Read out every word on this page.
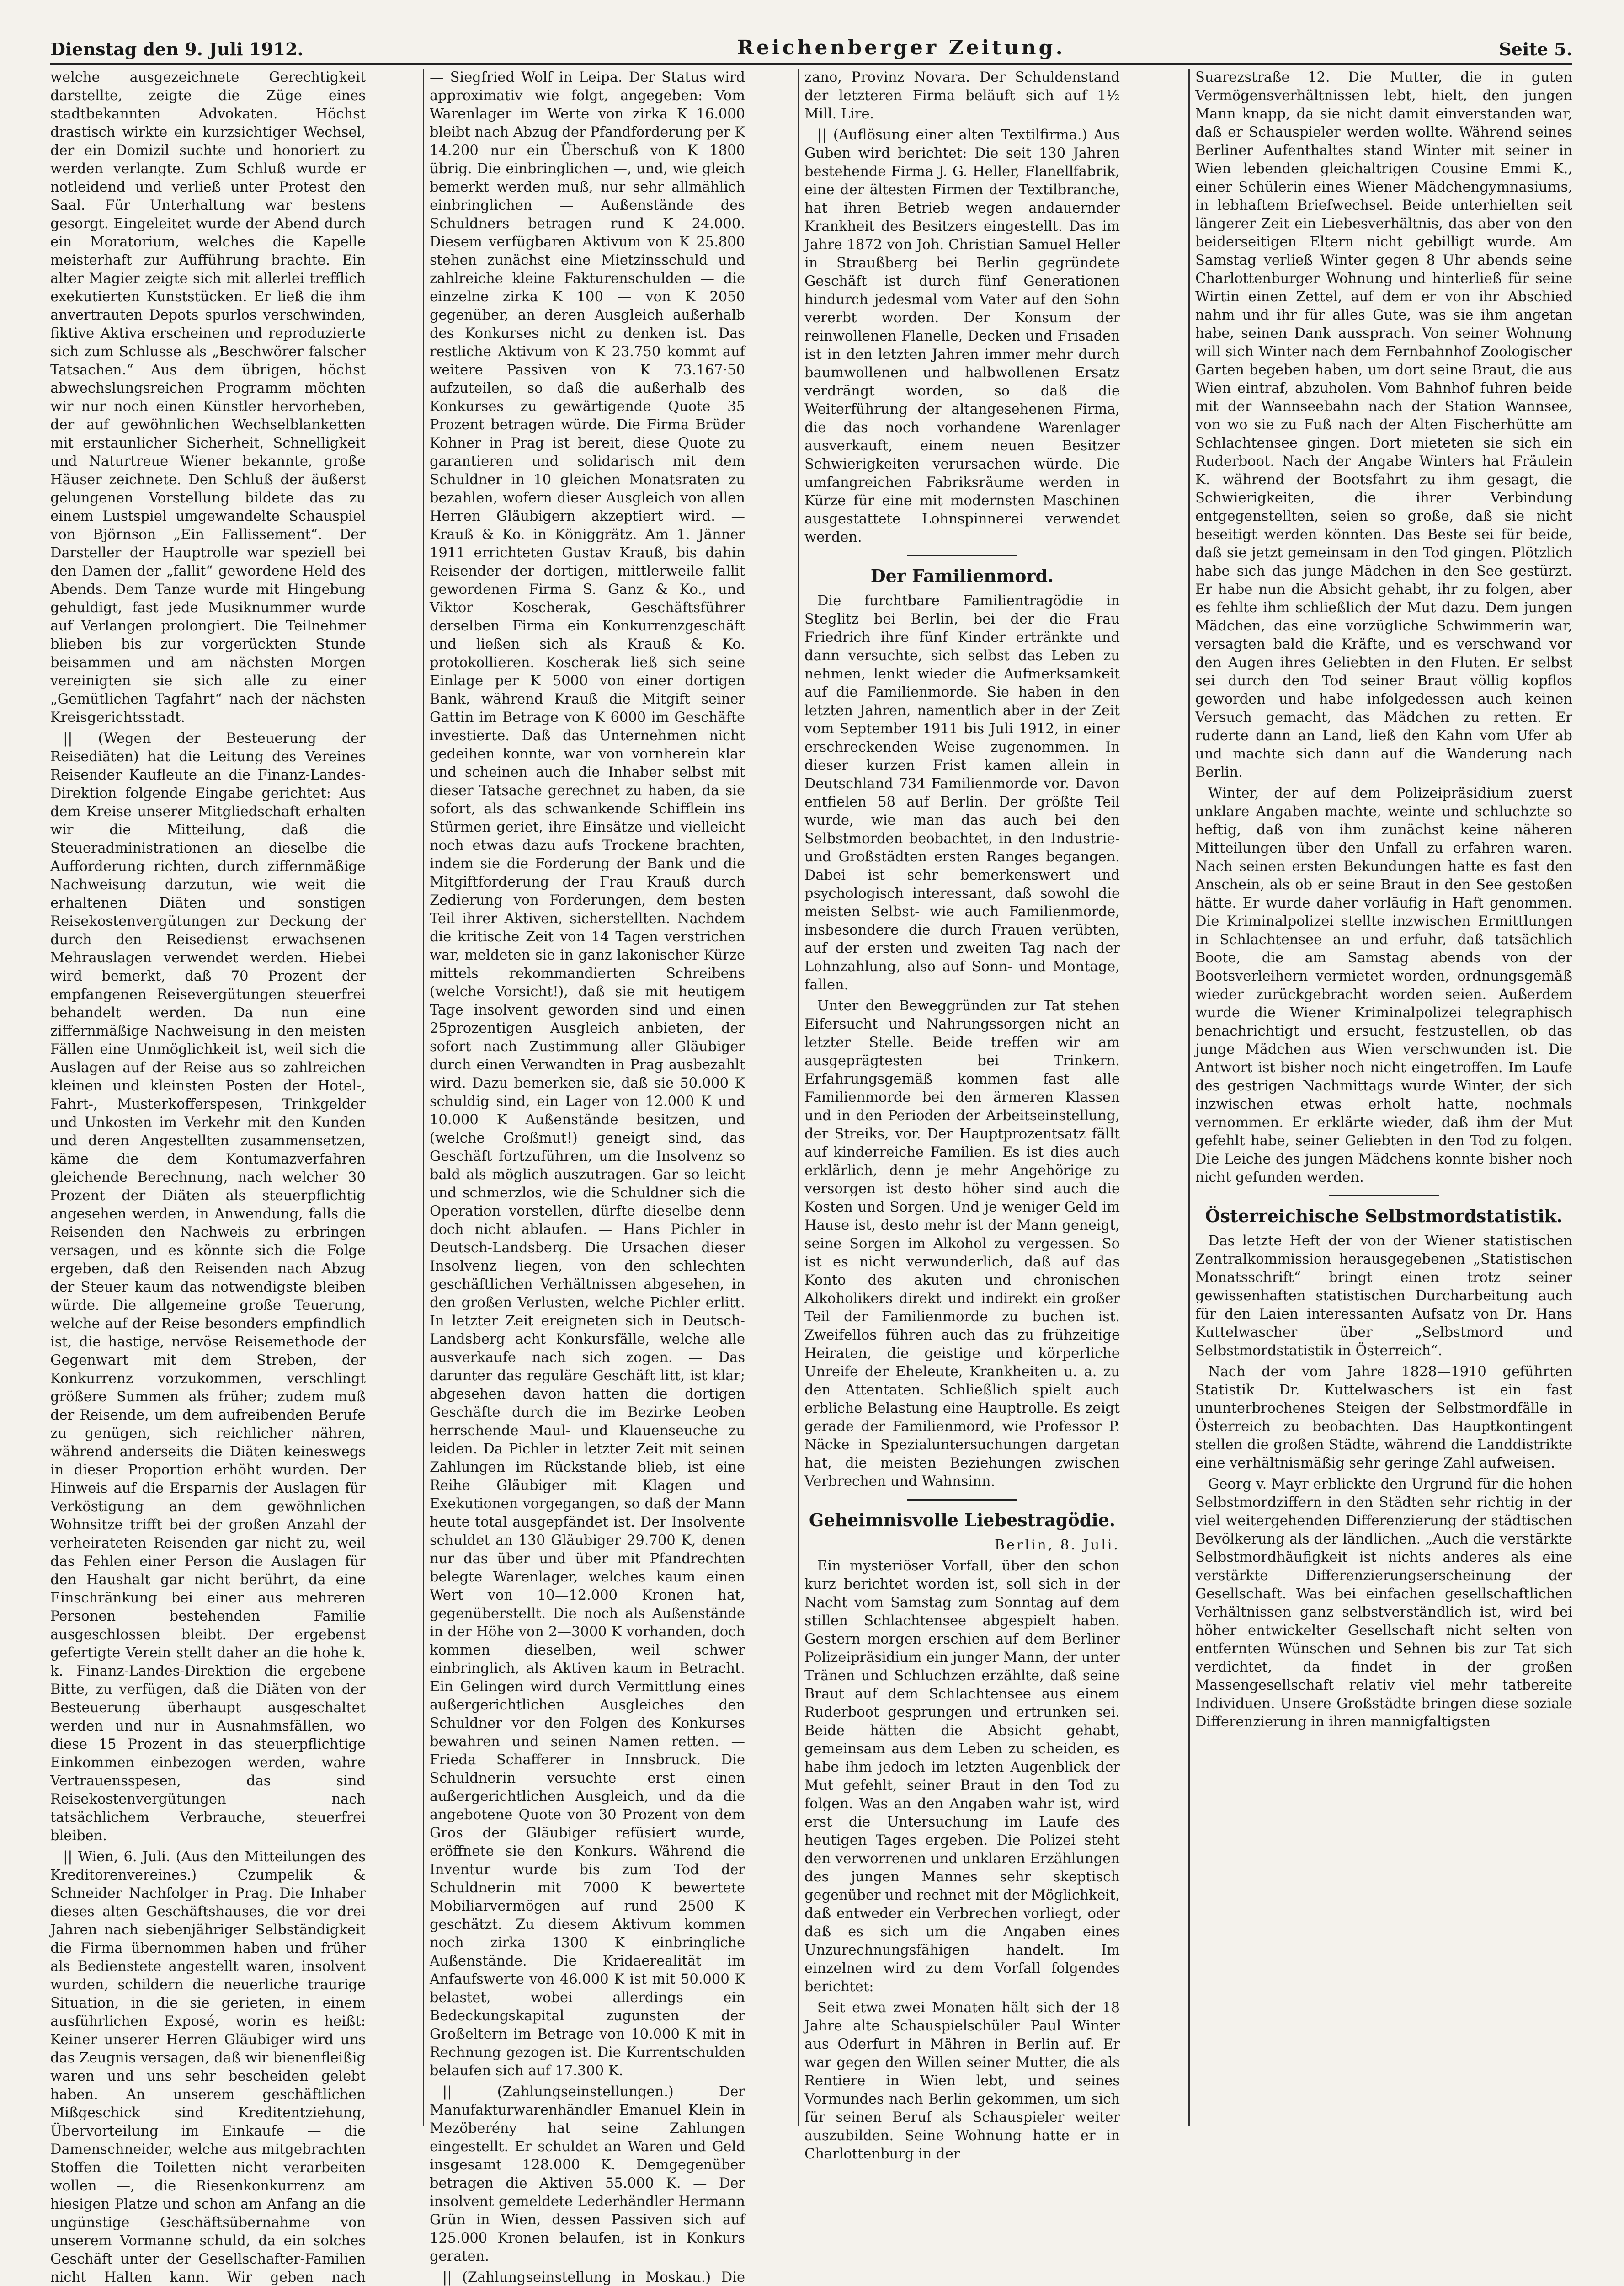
Dienstag den 9. Juli 1912.	Reichenberger Zeitung.	Seite 5.

welche ausgezeichnete Gerechtigkeit darstellte, zeigte die Züge eines stadtbekannten Advokaten. Höchst drastisch wirkte ein kurzsichtiger Wechsel, der ein Domizil suchte und honoriert zu werden verlangte. Zum Schluß wurde er notleidend und verließ unter Protest den Saal. Für Unterhaltung war bestens gesorgt. Eingeleitet wurde der Abend durch ein Moratorium, welches die Kapelle meisterhaft zur Aufführung brachte. Ein alter Magier zeigte sich mit allerlei trefflich exekutierten Kunststücken. Er ließ die ihm anvertrauten Depots spurlos verschwinden, fiktive Aktiva erscheinen und reproduzierte sich zum Schlusse als „Beschwörer falscher Tatsachen.“ Aus dem übrigen, höchst abwechslungsreichen Programm möchten wir nur noch einen Künstler hervorheben, der auf gewöhnlichen Wechselblanketten mit erstaunlicher Sicherheit, Schnelligkeit und Naturtreue Wiener bekannte, große Häuser zeichnete. Den Schluß der äußerst gelungenen Vorstellung bildete das zu einem Lustspiel umgewandelte Schauspiel von Björnson „Ein Fallissement“. Der Darsteller der Hauptrolle war speziell bei den Damen der „fallit“ gewordene Held des Abends. Dem Tanze wurde mit Hingebung gehuldigt, fast jede Musiknummer wurde auf Verlangen prolongiert. Die Teilnehmer blieben bis zur vorgerückten Stunde beisammen und am nächsten Morgen vereinigten sie sich alle zu einer „Gemütlichen Tagfahrt“ nach der nächsten Kreisgerichtsstadt.

|| (Wegen der Besteuerung der Reisediäten) hat die Leitung des Vereines Reisender Kaufleute an die Finanz-Landes-Direktion folgende Eingabe gerichtet: Aus dem Kreise unserer Mitgliedschaft erhalten wir die Mitteilung, daß die Steueradministrationen an dieselbe die Aufforderung richten, durch ziffernmäßige Nachweisung darzutun, wie weit die erhaltenen Diäten und sonstigen Reisekostenvergütungen zur Deckung der durch den Reisedienst erwachsenen Mehrauslagen verwendet werden. Hiebei wird bemerkt, daß 70 Prozent der empfangenen Reisevergütungen steuerfrei behandelt werden. Da nun eine ziffernmäßige Nachweisung in den meisten Fällen eine Unmöglichkeit ist, weil sich die Auslagen auf der Reise aus so zahlreichen kleinen und kleinsten Posten der Hotel-, Fahrt-, Musterkofferspesen, Trinkgelder und Unkosten im Verkehr mit den Kunden und deren Angestellten zusammensetzen, käme die dem Kontumazverfahren gleichende Berechnung, nach welcher 30 Prozent der Diäten als steuerpflichtig angesehen werden, in Anwendung, falls die Reisenden den Nachweis zu erbringen versagen, und es könnte sich die Folge ergeben, daß den Reisenden nach Abzug der Steuer kaum das notwendigste bleiben würde. Die allgemeine große Teuerung, welche auf der Reise besonders empfindlich ist, die hastige, nervöse Reisemethode der Gegenwart mit dem Streben, der Konkurrenz vorzukommen, verschlingt größere Summen als früher; zudem muß der Reisende, um dem aufreibenden Berufe zu genügen, sich reichlicher nähren, während anderseits die Diäten keineswegs in dieser Proportion erhöht wurden. Der Hinweis auf die Ersparnis der Auslagen für Verköstigung an dem gewöhnlichen Wohnsitze trifft bei der großen Anzahl der verheirateten Reisenden gar nicht zu, weil das Fehlen einer Person die Auslagen für den Haushalt gar nicht berührt, da eine Einschränkung bei einer aus mehreren Personen bestehenden Familie ausgeschlossen bleibt. Der ergebenst gefertigte Verein stellt daher an die hohe k. k. Finanz-Landes-Direktion die ergebene Bitte, zu verfügen, daß die Diäten von der Besteuerung überhaupt ausgeschaltet werden und nur in Ausnahmsfällen, wo diese 15 Prozent in das steuerpflichtige Einkommen einbezogen werden, wahre Vertrauensspesen, das sind Reisekostenvergütungen nach tatsächlichem Verbrauche, steuerfrei bleiben.

|| Wien, 6. Juli. (Aus den Mitteilungen des Kreditorenvereines.) Czumpelik & Schneider Nachfolger in Prag. Die Inhaber dieses alten Geschäftshauses, die vor drei Jahren nach siebenjähriger Selbständigkeit die Firma übernommen haben und früher als Bedienstete angestellt waren, insolvent wurden, schildern die neuerliche traurige Situation, in die sie gerieten, in einem ausführlichen Exposé, worin es heißt: Keiner unserer Herren Gläubiger wird uns das Zeugnis versagen, daß wir bienenfleißig waren und uns sehr bescheiden gelebt haben. An unserem geschäftlichen Mißgeschick sind Kreditentziehung, Übervorteilung im Einkaufe — die Damenschneider, welche aus mitgebrachten Stoffen die Toiletten nicht verarbeiten wollen —, die Riesenkonkurrenz am hiesigen Platze und schon am Anfang an die ungünstige Geschäftsübernahme von unserem Vormanne schuld, da ein solches Geschäft unter der Gesellschafter-Familien nicht Halten kann. Wir geben nach

— Siegfried Wolf in Leipa. Der Status wird approximativ wie folgt, angegeben: Vom Warenlager im Werte von zirka K 16.000 bleibt nach Abzug der Pfandforderung per K 14.200 nur ein Überschuß von K 1800 übrig. Die einbringlichen —, und, wie gleich bemerkt werden muß, nur sehr allmählich einbringlichen — Außenstände des Schuldners betragen rund K 24.000. Diesem verfügbaren Aktivum von K 25.800 stehen zunächst eine Mietzinsschuld und zahlreiche kleine Fakturenschulden — die einzelne zirka K 100 — von K 2050 gegenüber, an deren Ausgleich außerhalb des Konkurses nicht zu denken ist. Das restliche Aktivum von K 23.750 kommt auf weitere Passiven von K 73.167·50 aufzuteilen, so daß die außerhalb des Konkurses zu gewärtigende Quote 35 Prozent betragen würde. Die Firma Brüder Kohner in Prag ist bereit, diese Quote zu garantieren und solidarisch mit dem Schuldner in 10 gleichen Monatsraten zu bezahlen, wofern dieser Ausgleich von allen Herren Gläubigern akzeptiert wird. — Krauß & Ko. in Königgrätz. Am 1. Jänner 1911 errichteten Gustav Krauß, bis dahin Reisender der dortigen, mittlerweile fallit gewordenen Firma S. Ganz & Ko., und Viktor Koscherak, Geschäftsführer derselben Firma ein Konkurrenzgeschäft und ließen sich als Krauß & Ko. protokollieren. Koscherak ließ sich seine Einlage per K 5000 von einer dortigen Bank, während Krauß die Mitgift seiner Gattin im Betrage von K 6000 im Geschäfte investierte. Daß das Unternehmen nicht gedeihen konnte, war von vornherein klar und scheinen auch die Inhaber selbst mit dieser Tatsache gerechnet zu haben, da sie sofort, als das schwankende Schifflein ins Stürmen geriet, ihre Einsätze und vielleicht noch etwas dazu aufs Trockene brachten, indem sie die Forderung der Bank und die Mitgiftforderung der Frau Krauß durch Zedierung von Forderungen, dem besten Teil ihrer Aktiven, sicherstellten. Nachdem die kritische Zeit von 14 Tagen verstrichen war, meldeten sie in ganz lakonischer Kürze mittels rekommandierten Schreibens (welche Vorsicht!), daß sie mit heutigem Tage insolvent geworden sind und einen 25prozentigen Ausgleich anbieten, der sofort nach Zustimmung aller Gläubiger durch einen Verwandten in Prag ausbezahlt wird. Dazu bemerken sie, daß sie 50.000 K schuldig sind, ein Lager von 12.000 K und 10.000 K Außenstände besitzen, und (welche Großmut!) geneigt sind, das Geschäft fortzuführen, um die Insolvenz so bald als möglich auszutragen. Gar so leicht und schmerzlos, wie die Schuldner sich die Operation vorstellen, dürfte dieselbe denn doch nicht ablaufen. — Hans Pichler in Deutsch-Landsberg. Die Ursachen dieser Insolvenz liegen, von den schlechten geschäftlichen Verhältnissen abgesehen, in den großen Verlusten, welche Pichler erlitt. In letzter Zeit ereigneten sich in Deutsch-Landsberg acht Konkursfälle, welche alle ausverkaufe nach sich zogen. — Das darunter das reguläre Geschäft litt, ist klar; abgesehen davon hatten die dortigen Geschäfte durch die im Bezirke Leoben herrschende Maul- und Klauenseuche zu leiden. Da Pichler in letzter Zeit mit seinen Zahlungen im Rückstande blieb, ist eine Reihe Gläubiger mit Klagen und Exekutionen vorgegangen, so daß der Mann heute total ausgepfändet ist. Der Insolvente schuldet an 130 Gläubiger 29.700 K, denen nur das über und über mit Pfandrechten belegte Warenlager, welches kaum einen Wert von 10—12.000 Kronen hat, gegenüberstellt. Die noch als Außenstände in der Höhe von 2—3000 K vorhanden, doch kommen dieselben, weil schwer einbringlich, als Aktiven kaum in Betracht. Ein Gelingen wird durch Vermittlung eines außergerichtlichen Ausgleiches den Schuldner vor den Folgen des Konkurses bewahren und seinen Namen retten. — Frieda Schafferer in Innsbruck. Die Schuldnerin versuchte erst einen außergerichtlichen Ausgleich, und da die angebotene Quote von 30 Prozent von dem Gros der Gläubiger refüsiert wurde, eröffnete sie den Konkurs. Während die Inventur wurde bis zum Tod der Schuldnerin mit 7000 K bewertete Mobiliarvermögen auf rund 2500 K geschätzt. Zu diesem Aktivum kommen noch zirka 1300 K einbringliche Außenstände. Die Kridaerealität im Anfaufswerte von 46.000 K ist mit 50.000 K belastet, wobei allerdings ein Bedeckungskapital zugunsten der Großeltern im Betrage von 10.000 K mit in Rechnung gezogen ist. Die Kurrentschulden belaufen sich auf 17.300 K.

|| (Zahlungseinstellungen.) Der Manufakturwarenhändler Emanuel Klein in Mezöberény hat seine Zahlungen eingestellt. Er schuldet an Waren und Geld insgesamt 128.000 K. Demgegenüber betragen die Aktiven 55.000 K. — Der insolvent gemeldete Lederhändler Hermann Grün in Wien, dessen Passiven sich auf 125.000 Kronen belaufen, ist in Konkurs geraten.

|| (Zahlungseinstellung in Moskau.) Die

zano, Provinz Novara. Der Schuldenstand der letzteren Firma beläuft sich auf 1½ Mill. Lire.

|| (Auflösung einer alten Textilfirma.) Aus Guben wird berichtet: Die seit 130 Jahren bestehende Firma J. G. Heller, Flanellfabrik, eine der ältesten Firmen der Textilbranche, hat ihren Betrieb wegen andauernder Krankheit des Besitzers eingestellt. Das im Jahre 1872 von Joh. Christian Samuel Heller in Straußberg bei Berlin gegründete Geschäft ist durch fünf Generationen hindurch jedesmal vom Vater auf den Sohn vererbt worden. Der Konsum der reinwollenen Flanelle, Decken und Frisaden ist in den letzten Jahren immer mehr durch baumwollenen und halbwollenen Ersatz verdrängt worden, so daß die Weiterführung der altangesehenen Firma, die das noch vorhandene Warenlager ausverkauft, einem neuen Besitzer Schwierigkeiten verursachen würde. Die umfangreichen Fabriksräume werden in Kürze für eine mit modernsten Maschinen ausgestattete Lohnspinnerei verwendet werden.

Der Familienmord.

Die furchtbare Familientragödie in Steglitz bei Berlin, bei der die Frau Friedrich ihre fünf Kinder ertränkte und dann versuchte, sich selbst das Leben zu nehmen, lenkt wieder die Aufmerksamkeit auf die Familienmorde. Sie haben in den letzten Jahren, namentlich aber in der Zeit vom September 1911 bis Juli 1912, in einer erschreckenden Weise zugenommen. In dieser kurzen Frist kamen allein in Deutschland 734 Familienmorde vor. Davon entfielen 58 auf Berlin. Der größte Teil wurde, wie man das auch bei den Selbstmorden beobachtet, in den Industrie- und Großstädten ersten Ranges begangen. Dabei ist sehr bemerkenswert und psychologisch interessant, daß sowohl die meisten Selbst- wie auch Familienmorde, insbesondere die durch Frauen verübten, auf der ersten und zweiten Tag nach der Lohnzahlung, also auf Sonn- und Montage, fallen.

Unter den Beweggründen zur Tat stehen Eifersucht und Nahrungssorgen nicht an letzter Stelle. Beide treffen wir am ausgeprägtesten bei Trinkern. Erfahrungsgemäß kommen fast alle Familienmorde bei den ärmeren Klassen und in den Perioden der Arbeitseinstellung, der Streiks, vor. Der Hauptprozentsatz fällt auf kinderreiche Familien. Es ist dies auch erklärlich, denn je mehr Angehörige zu versorgen ist desto höher sind auch die Kosten und Sorgen. Und je weniger Geld im Hause ist, desto mehr ist der Mann geneigt, seine Sorgen im Alkohol zu vergessen. So ist es nicht verwunderlich, daß auf das Konto des akuten und chronischen Alkoholikers direkt und indirekt ein großer Teil der Familienmorde zu buchen ist. Zweifellos führen auch das zu frühzeitige Heiraten, die geistige und körperliche Unreife der Eheleute, Krankheiten u. a. zu den Attentaten. Schließlich spielt auch erbliche Belastung eine Hauptrolle. Es zeigt gerade der Familienmord, wie Professor P. Näcke in Spezialuntersuchungen dargetan hat, die meisten Beziehungen zwischen Verbrechen und Wahnsinn.

Geheimnisvolle Liebestragödie.
Berlin, 8. Juli.

Ein mysteriöser Vorfall, über den schon kurz berichtet worden ist, soll sich in der Nacht vom Samstag zum Sonntag auf dem stillen Schlachtensee abgespielt haben. Gestern morgen erschien auf dem Berliner Polizeipräsidium ein junger Mann, der unter Tränen und Schluchzen erzählte, daß seine Braut auf dem Schlachtensee aus einem Ruderboot gesprungen und ertrunken sei. Beide hätten die Absicht gehabt, gemeinsam aus dem Leben zu scheiden, es habe ihm jedoch im letzten Augenblick der Mut gefehlt, seiner Braut in den Tod zu folgen. Was an den Angaben wahr ist, wird erst die Untersuchung im Laufe des heutigen Tages ergeben. Die Polizei steht den verworrenen und unklaren Erzählungen des jungen Mannes sehr skeptisch gegenüber und rechnet mit der Möglichkeit, daß entweder ein Verbrechen vorliegt, oder daß es sich um die Angaben eines Unzurechnungsfähigen handelt. Im einzelnen wird zu dem Vorfall folgendes berichtet:

Seit etwa zwei Monaten hält sich der 18 Jahre alte Schauspielschüler Paul Winter aus Oderfurt in Mähren in Berlin auf. Er war gegen den Willen seiner Mutter, die als Rentiere in Wien lebt, und seines Vormundes nach Berlin gekommen, um sich für seinen Beruf als Schauspieler weiter auszubilden. Seine Wohnung hatte er in Charlottenburg in der

Suarezstraße 12. Die Mutter, die in guten Vermögensverhältnissen lebt, hielt, den jungen Mann knapp, da sie nicht damit einverstanden war, daß er Schauspieler werden wollte. Während seines Berliner Aufenthaltes stand Winter mit seiner in Wien lebenden gleichaltrigen Cousine Emmi K., einer Schülerin eines Wiener Mädchengymnasiums, in lebhaftem Briefwechsel. Beide unterhielten seit längerer Zeit ein Liebesverhältnis, das aber von den beiderseitigen Eltern nicht gebilligt wurde. Am Samstag verließ Winter gegen 8 Uhr abends seine Charlottenburger Wohnung und hinterließ für seine Wirtin einen Zettel, auf dem er von ihr Abschied nahm und ihr für alles Gute, was sie ihm angetan habe, seinen Dank aussprach. Von seiner Wohnung will sich Winter nach dem Fernbahnhof Zoologischer Garten begeben haben, um dort seine Braut, die aus Wien eintraf, abzuholen. Vom Bahnhof fuhren beide mit der Wannseebahn nach der Station Wannsee, von wo sie zu Fuß nach der Alten Fischerhütte am Schlachtensee gingen. Dort mieteten sie sich ein Ruderboot. Nach der Angabe Winters hat Fräulein K. während der Bootsfahrt zu ihm gesagt, die Schwierigkeiten, die ihrer Verbindung entgegenstellten, seien so große, daß sie nicht beseitigt werden könnten. Das Beste sei für beide, daß sie jetzt gemeinsam in den Tod gingen. Plötzlich habe sich das junge Mädchen in den See gestürzt. Er habe nun die Absicht gehabt, ihr zu folgen, aber es fehlte ihm schließlich der Mut dazu. Dem jungen Mädchen, das eine vorzügliche Schwimmerin war, versagten bald die Kräfte, und es verschwand vor den Augen ihres Geliebten in den Fluten. Er selbst sei durch den Tod seiner Braut völlig kopflos geworden und habe infolgedessen auch keinen Versuch gemacht, das Mädchen zu retten. Er ruderte dann an Land, ließ den Kahn vom Ufer ab und machte sich dann auf die Wanderung nach Berlin.

Winter, der auf dem Polizeipräsidium zuerst unklare Angaben machte, weinte und schluchzte so heftig, daß von ihm zunächst keine näheren Mitteilungen über den Unfall zu erfahren waren. Nach seinen ersten Bekundungen hatte es fast den Anschein, als ob er seine Braut in den See gestoßen hätte. Er wurde daher vorläufig in Haft genommen. Die Kriminalpolizei stellte inzwischen Ermittlungen in Schlachtensee an und erfuhr, daß tatsächlich Boote, die am Samstag abends von der Bootsverleihern vermietet worden, ordnungsgemäß wieder zurückgebracht worden seien. Außerdem wurde die Wiener Kriminalpolizei telegraphisch benachrichtigt und ersucht, festzustellen, ob das junge Mädchen aus Wien verschwunden ist. Die Antwort ist bisher noch nicht eingetroffen. Im Laufe des gestrigen Nachmittags wurde Winter, der sich inzwischen etwas erholt hatte, nochmals vernommen. Er erklärte wieder, daß ihm der Mut gefehlt habe, seiner Geliebten in den Tod zu folgen. Die Leiche des jungen Mädchens konnte bisher noch nicht gefunden werden.

Österreichische Selbstmordstatistik.

Das letzte Heft der von der Wiener statistischen Zentralkommission herausgegebenen „Statistischen Monatsschrift“ bringt einen trotz seiner gewissenhaften statistischen Durcharbeitung auch für den Laien interessanten Aufsatz von Dr. Hans Kuttelwascher über „Selbstmord und Selbstmordstatistik in Österreich“.

Nach der vom Jahre 1828—1910 geführten Statistik Dr. Kuttelwaschers ist ein fast ununterbrochenes Steigen der Selbstmordfälle in Österreich zu beobachten. Das Hauptkontingent stellen die großen Städte, während die Landdistrikte eine verhältnismäßig sehr geringe Zahl aufweisen.

Georg v. Mayr erblickte den Urgrund für die hohen Selbstmordziffern in den Städten sehr richtig in der viel weitergehenden Differenzierung der städtischen Bevölkerung als der ländlichen. „Auch die verstärkte Selbstmordhäufigkeit ist nichts anderes als eine verstärkte Differenzierungserscheinung der Gesellschaft. Was bei einfachen gesellschaftlichen Verhältnissen ganz selbstverständlich ist, wird bei höher entwickelter Gesellschaft nicht selten von entfernten Wünschen und Sehnen bis zur Tat sich verdichtet, da findet in der großen Massengesellschaft relativ viel mehr tatbereite Individuen. Unsere Großstädte bringen diese soziale Differenzierung in ihren mannigfaltigsten
